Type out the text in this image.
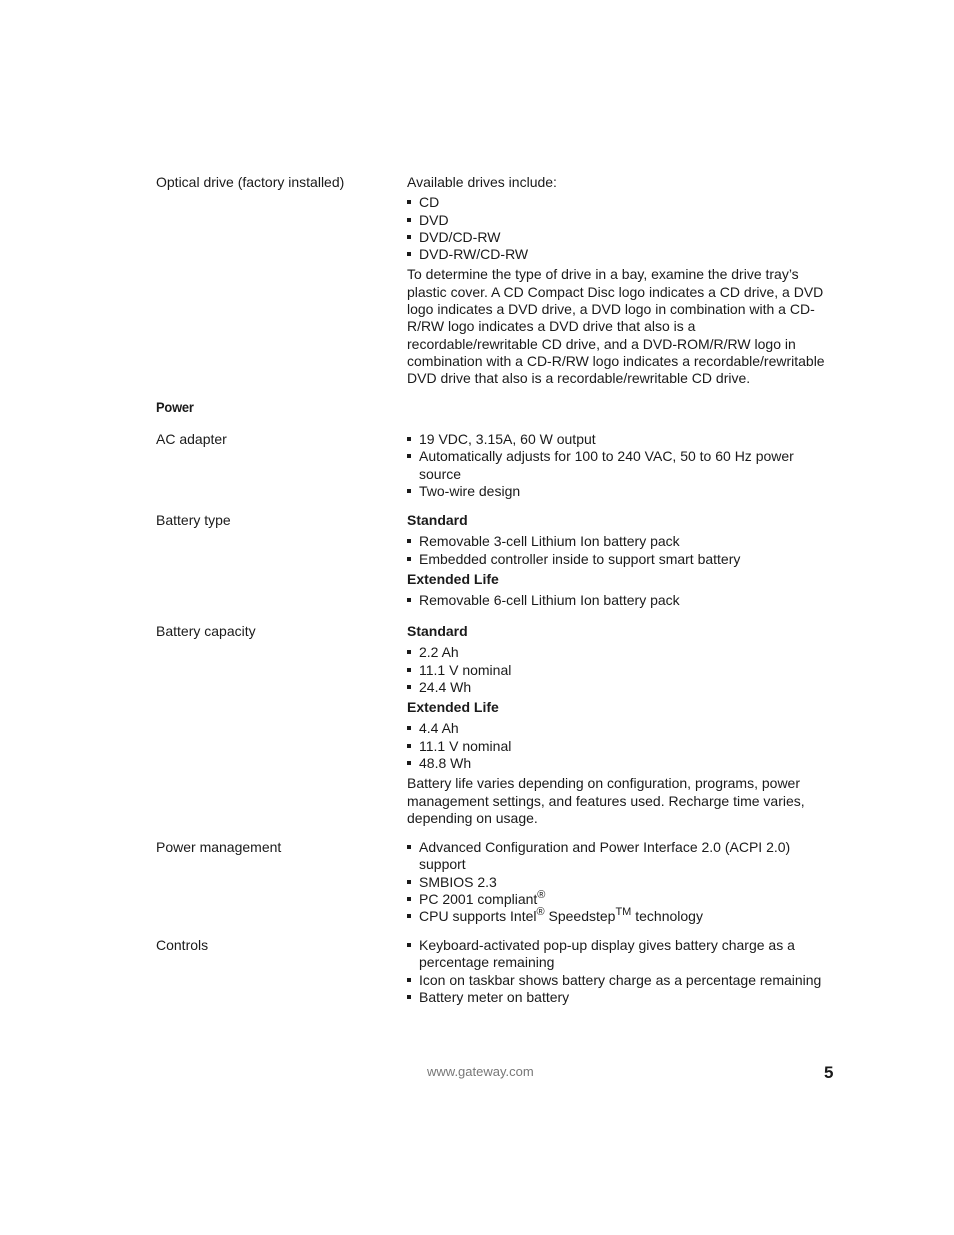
Optical drive (factory installed)	Available drives include:

CD
DVD
DVD/CD-RW
DVD-RW/CD-RW

To determine the type of drive in a bay, examine the drive tray’s plastic cover. A CD Compact Disc logo indicates a CD drive, a DVD logo indicates a DVD drive, a DVD logo in combination with a CD-R/RW logo indicates a DVD drive that also is a recordable/rewritable CD drive, and a DVD-ROM/R/RW logo in combination with a CD-R/RW logo indicates a recordable/rewritable DVD drive that also is a recordable/rewritable CD drive.

Power
AC adapter	19 VDC, 3.15A, 60 W output
Automatically adjusts for 100 to 240 VAC, 50 to 60 Hz power source
Two-wire design
Battery type	Standard

Removable 3-cell Lithium Ion battery pack
Embedded controller inside to support smart battery

Extended Life

Removable 6-cell Lithium Ion battery pack
Battery capacity	Standard

2.2 Ah
11.1 V nominal
24.4 Wh

Extended Life

4.4 Ah
11.1 V nominal
48.8 Wh

Battery life varies depending on configuration, programs, power management settings, and features used. Recharge time varies, depending on usage.

Power management	Advanced Configuration and Power Interface 2.0 (ACPI 2.0) support
SMBIOS 2.3
PC 2001 compliant®
CPU supports Intel® Speedstep™ technology
Controls	Keyboard-activated pop-up display gives battery charge as a percentage remaining
Icon on taskbar shows battery charge as a percentage remaining
Battery meter on battery
www.gateway.com	5
